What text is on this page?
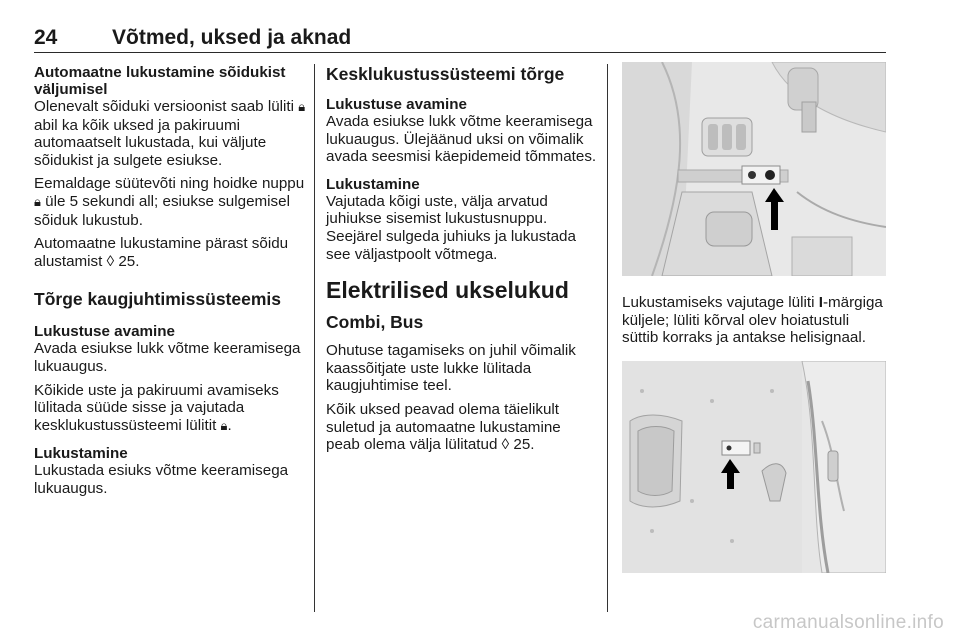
24	Võtmed, uksed ja aknad
Automaatne lukustamine sõidukist väljumisel

Olenevalt sõiduki versioonist saab lüliti 🔒︎ abil ka kõik uksed ja pakiruumi automaatselt lukustada, kui väljute sõidukist ja sulgete esiukse.

Eemaldage süütevõti ning hoidke nuppu 🔒︎ üle 5 sekundi all; esiukse sulgemisel sõiduk lukustub.

Automaatne lukustamine pärast sõidu alustamist ◊ 25.

Tõrge kaugjuhtimissüsteemis
Lukustuse avamine

Avada esiukse lukk võtme keeramisega lukuaugus.

Kõikide uste ja pakiruumi avamiseks lülitada süüde sisse ja vajutada kesklukustussüsteemi lülitit 🔒︎.

Lukustamine

Lukustada esiuks võtme keeramisega lukuaugus.

Kesklukustussüsteemi tõrge
Lukustuse avamine

Avada esiukse lukk võtme keeramisega lukuaugus. Ülejäänud uksi on võimalik avada seesmisi käepidemeid tõmmates.

Lukustamine

Vajutada kõigi uste, välja arvatud juhiukse sisemist lukustusnuppu. Seejärel sulgeda juhiuks ja lukustada see väljastpoolt võtmega.

Elektrilised ukselukud
Combi, Bus

Ohutuse tagamiseks on juhil võimalik kaassõitjate uste lukke lülitada kaugjuhtimise teel.

Kõik uksed peavad olema täielikult suletud ja automaatne lukustamine peab olema välja lülitatud ◊ 25.

Lukustamiseks vajutage lüliti I-märgiga küljele; lüliti kõrval olev hoiatustuli süttib korraks ja antakse helisignaal.

carmanualsonline.info
